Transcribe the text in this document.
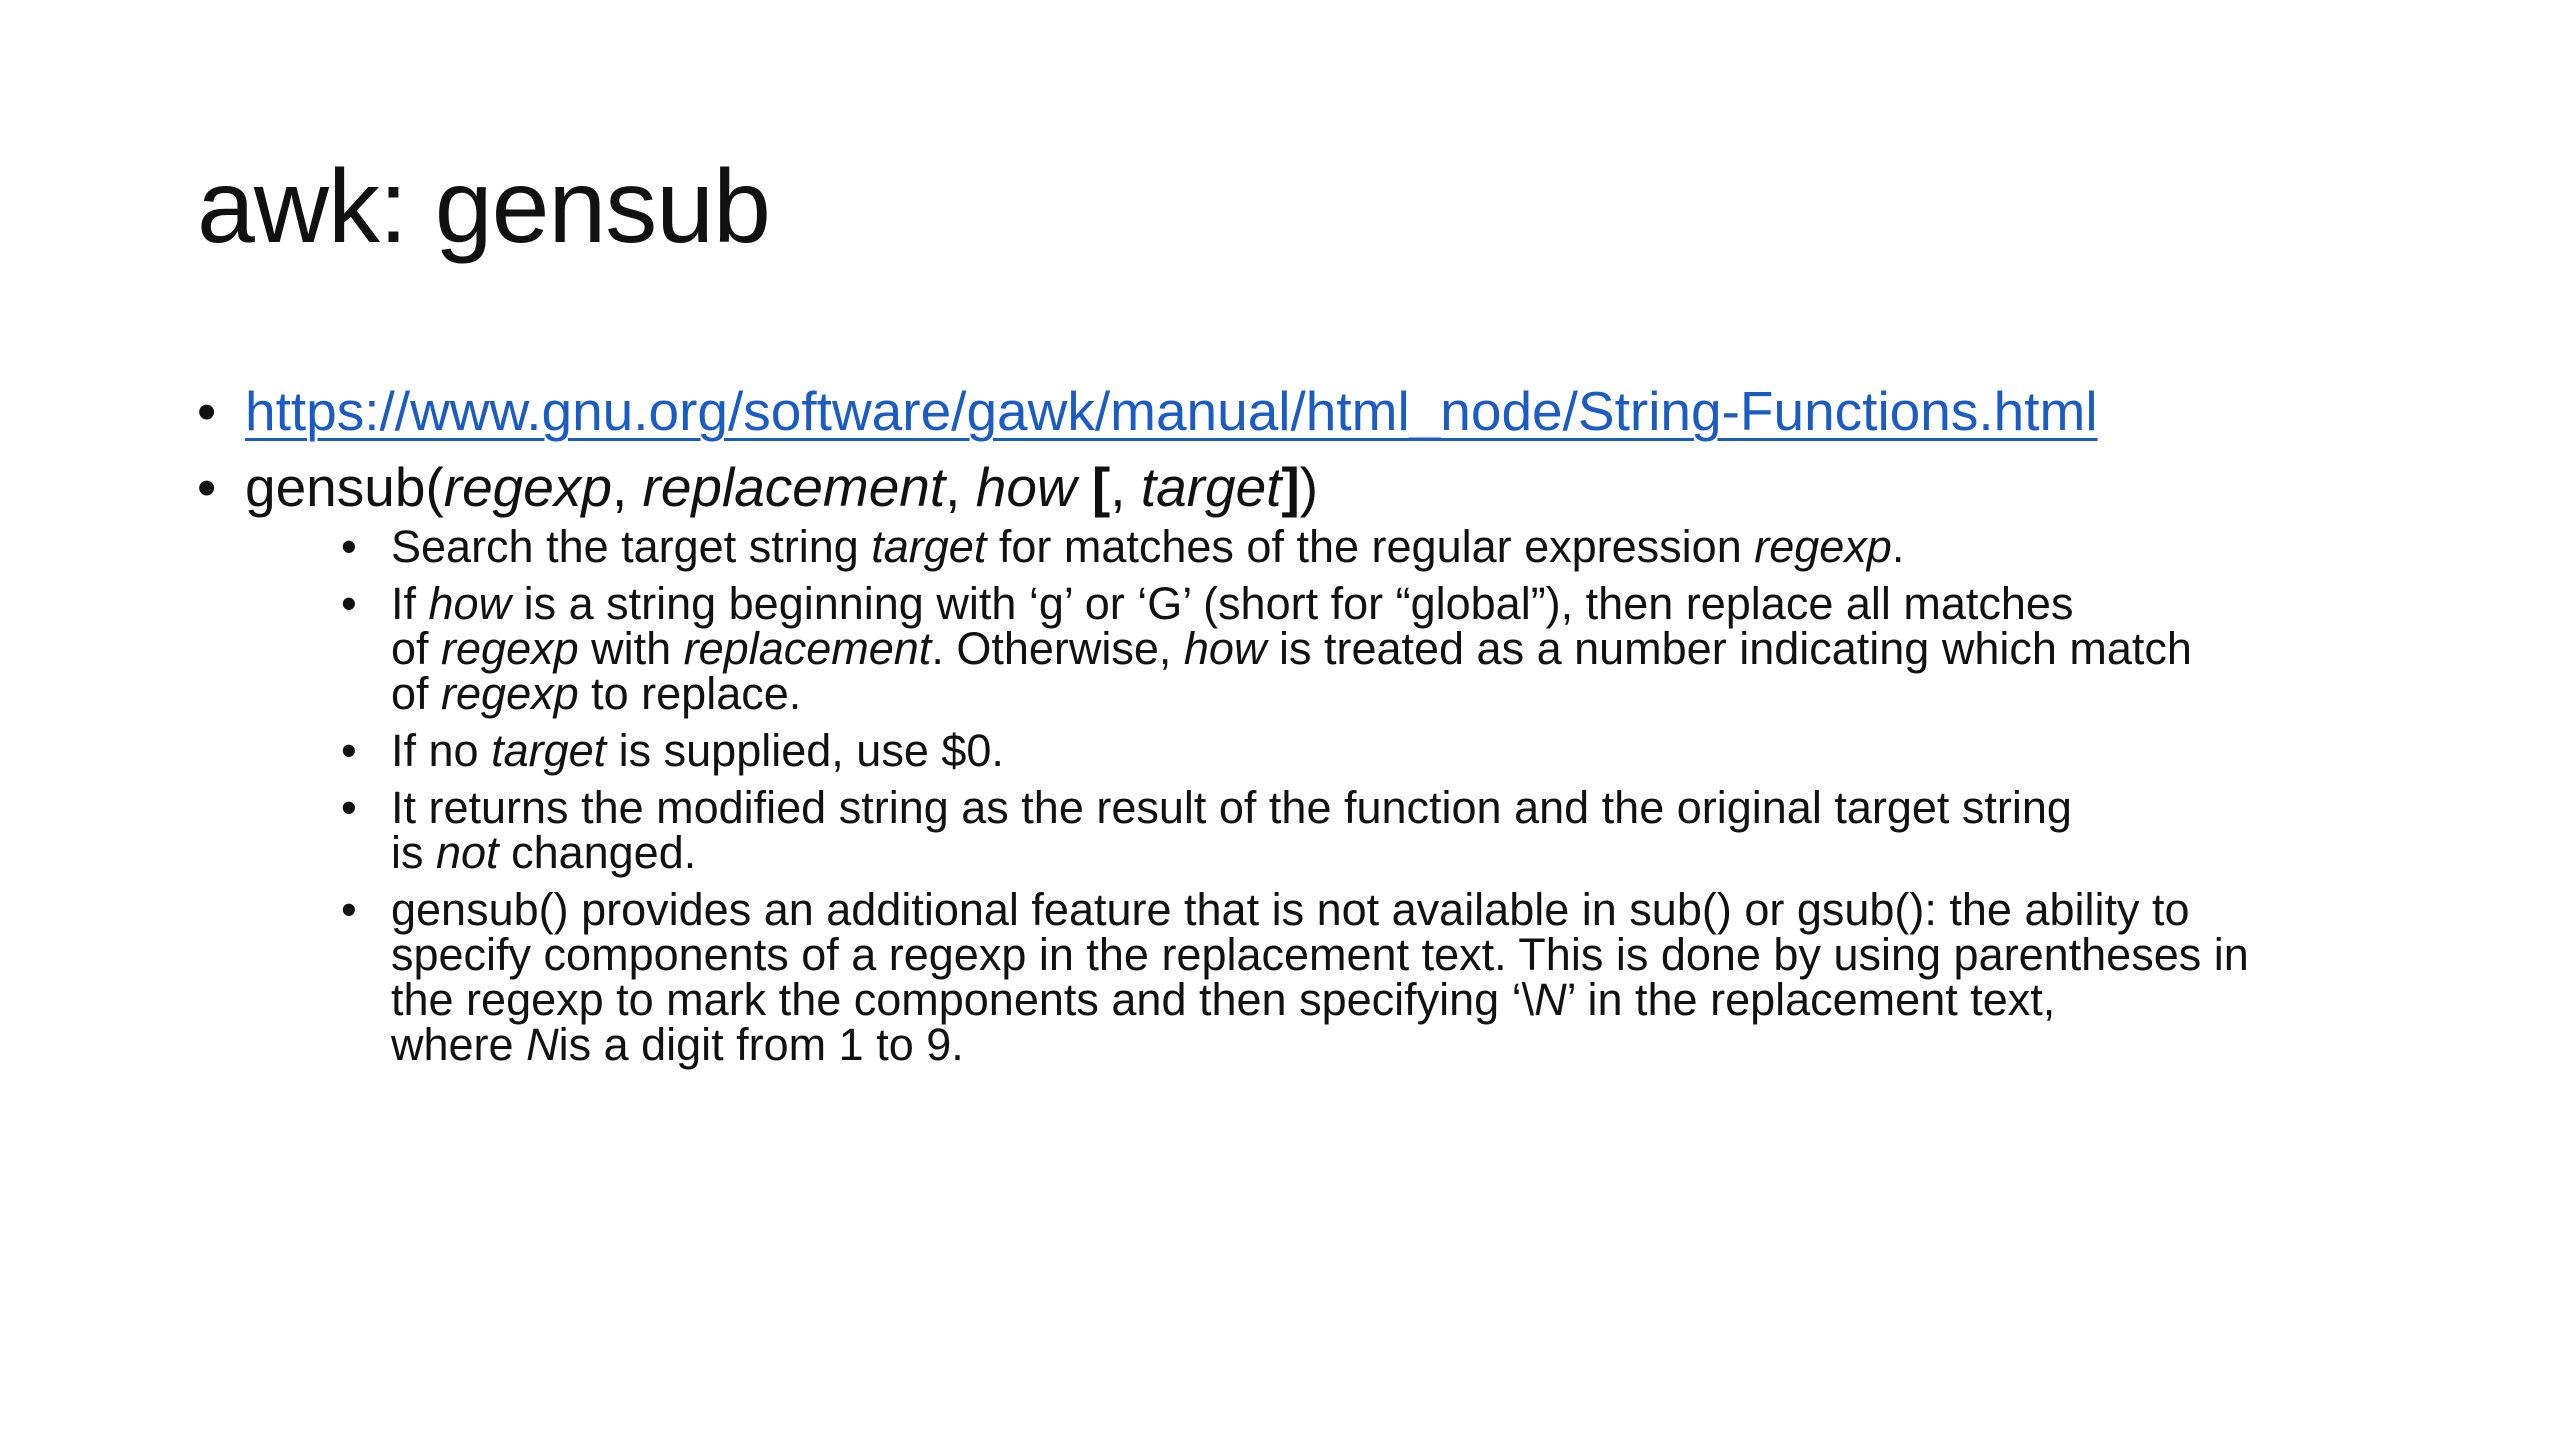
awk: gensub
• https://www.gnu.org/software/gawk/manual/html_node/String-Functions.html
• gensub(regexp, replacement, how [, target])
• Search the target string target for matches of the regular expression regexp.
• If how is a string beginning with ‘g’ or ‘G’ (short for “global”), then replace all matches
of regexp with replacement. Otherwise, how is treated as a number indicating which match
of regexp to replace.
• If no target is supplied, use $0.
• It returns the modified string as the result of the function and the original target string
is not changed.
• gensub() provides an additional feature that is not available in sub() or gsub(): the ability to
specify components of a regexp in the replacement text. This is done by using parentheses in
the regexp to mark the components and then specifying ‘\N’ in the replacement text,
where Nis a digit from 1 to 9.
